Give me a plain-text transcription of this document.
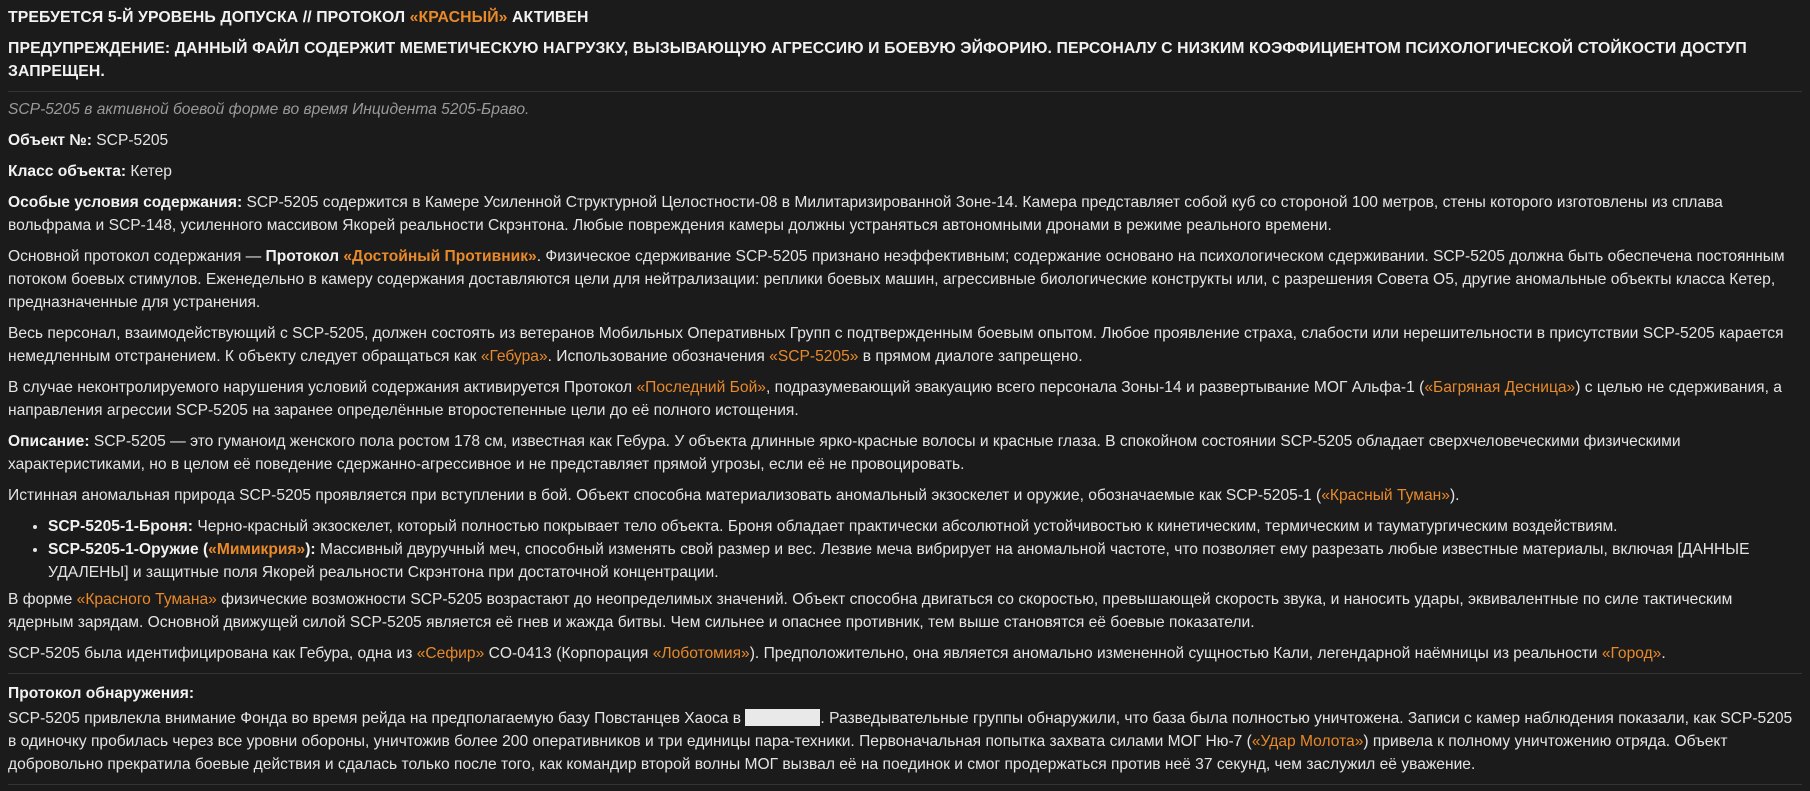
ТРЕБУЕТСЯ 5-Й УРОВЕНЬ ДОПУСКА // ПРОТОКОЛ «КРАСНЫЙ» АКТИВЕН
ПРЕДУПРЕЖДЕНИЕ: ДАННЫЙ ФАЙЛ СОДЕРЖИТ МЕМЕТИЧЕСКУЮ НАГРУЗКУ, ВЫЗЫВАЮЩУЮ АГРЕССИЮ И БОЕВУЮ ЭЙФОРИЮ. ПЕРСОНАЛУ С НИЗКИМ КОЭФФИЦИЕНТОМ ПСИХОЛОГИЧЕСКОЙ СТОЙКОСТИ ДОСТУП ЗАПРЕЩЕН.
SCP-5205 в активной боевой форме во время Инцидента 5205-Браво.

Объект №: SCP-5205

Класс объекта: Кетер

Особые условия содержания: SCP-5205 содержится в Камере Усиленной Структурной Целостности-08 в Милитаризированной Зоне-14. Камера представляет собой куб со стороной 100 метров, стены которого изготовлены из сплава вольфрама и SCP-148, усиленного массивом Якорей реальности Скрэнтона. Любые повреждения камеры должны устраняться автономными дронами в режиме реального времени.

Основной протокол содержания — Протокол «Достойный Противник». Физическое сдерживание SCP-5205 признано неэффективным; содержание основано на психологическом сдерживании. SCP-5205 должна быть обеспечена постоянным потоком боевых стимулов. Еженедельно в камеру содержания доставляются цели для нейтрализации: реплики боевых машин, агрессивные биологические конструкты или, с разрешения Совета О5, другие аномальные объекты класса Кетер, предназначенные для устранения.

Весь персонал, взаимодействующий с SCP-5205, должен состоять из ветеранов Мобильных Оперативных Групп с подтвержденным боевым опытом. Любое проявление страха, слабости или нерешительности в присутствии SCP-5205 карается немедленным отстранением. К объекту следует обращаться как «Гебура». Использование обозначения «SCP-5205» в прямом диалоге запрещено.

В случае неконтролируемого нарушения условий содержания активируется Протокол «Последний Бой», подразумевающий эвакуацию всего персонала Зоны-14 и развертывание МОГ Альфа-1 («Багряная Десница») с целью не сдерживания, а направления агрессии SCP-5205 на заранее определённые второстепенные цели до её полного истощения.

Описание: SCP-5205 — это гуманоид женского пола ростом 178 см, известная как Гебура. У объекта длинные ярко-красные волосы и красные глаза. В спокойном состоянии SCP-5205 обладает сверхчеловеческими физическими характеристиками, но в целом её поведение сдержанно-агрессивное и не представляет прямой угрозы, если её не провоцировать.

Истинная аномальная природа SCP-5205 проявляется при вступлении в бой. Объект способна материализовать аномальный экзоскелет и оружие, обозначаемые как SCP-5205-1 («Красный Туман»).

• SCP-5205-1-Броня: Черно-красный экзоскелет, который полностью покрывает тело объекта. Броня обладает практически абсолютной устойчивостью к кинетическим, термическим и тауматургическим воздействиям.
• SCP-5205-1-Оружие («Мимикрия»): Массивный двуручный меч, способный изменять свой размер и вес. Лезвие меча вибрирует на аномальной частоте, что позволяет ему разрезать любые известные материалы, включая [ДАННЫЕ УДАЛЕНЫ] и защитные поля Якорей реальности Скрэнтона при достаточной концентрации.

В форме «Красного Тумана» физические возможности SCP-5205 возрастают до неопределимых значений. Объект способна двигаться со скоростью, превышающей скорость звука, и наносить удары, эквивалентные по силе тактическим ядерным зарядам. Основной движущей силой SCP-5205 является её гнев и жажда битвы. Чем сильнее и опаснее противник, тем выше становятся её боевые показатели.

SCP-5205 была идентифицирована как Гебура, одна из «Сефир» CO-0413 (Корпорация «Лоботомия»). Предположительно, она является аномально измененной сущностью Кали, легендарной наёмницы из реальности «Город».

Протокол обнаружения:

SCP-5205 привлекла внимание Фонда во время рейда на предполагаемую базу Повстанцев Хаоса в	. Разведывательные группы обнаружили, что база была полностью уничтожена. Записи с камер наблюдения показали, как SCP-5205 в одиночку пробилась через все уровни обороны, уничтожив более 200 оперативников и три единицы пара-техники. Первоначальная попытка захвата силами МОГ Ню-7 («Удар Молота») привела к полному уничтожению отряда. Объект добровольно прекратила боевые действия и сдалась только после того, как командир второй волны МОГ вызвал её на поединок и смог продержаться против неё 37 секунд, чем заслужил её уважение.
